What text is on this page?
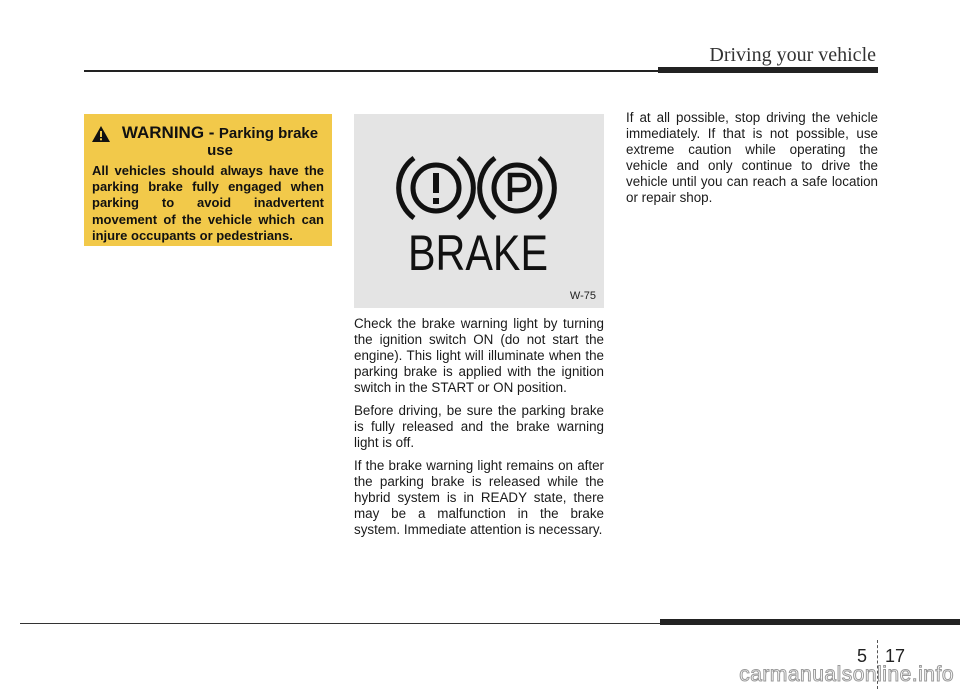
Driving your vehicle
WARNING - Parking brake use
All vehicles should always have the parking brake fully engaged when parking to avoid inadvertent movement of the vehicle which can injure occupants or pedestrians.	BRAKE
W-75

Check the brake warning light by turning the ignition switch ON (do not start the engine). This light will illuminate when the parking brake is applied with the ignition switch in the START or ON position.

Before driving, be sure the parking brake is fully released and the brake warning light is off.

If the brake warning light remains on after the parking brake is released while the hybrid system is in READY state, there may be a malfunction in the brake system. Immediate attention is necessary.

If at all possible, stop driving the vehicle immediately. If that is not possible, use extreme caution while operating the vehicle and only continue to drive the vehicle until you can reach a safe location or repair shop.

5 17
carmanualsonline.info
